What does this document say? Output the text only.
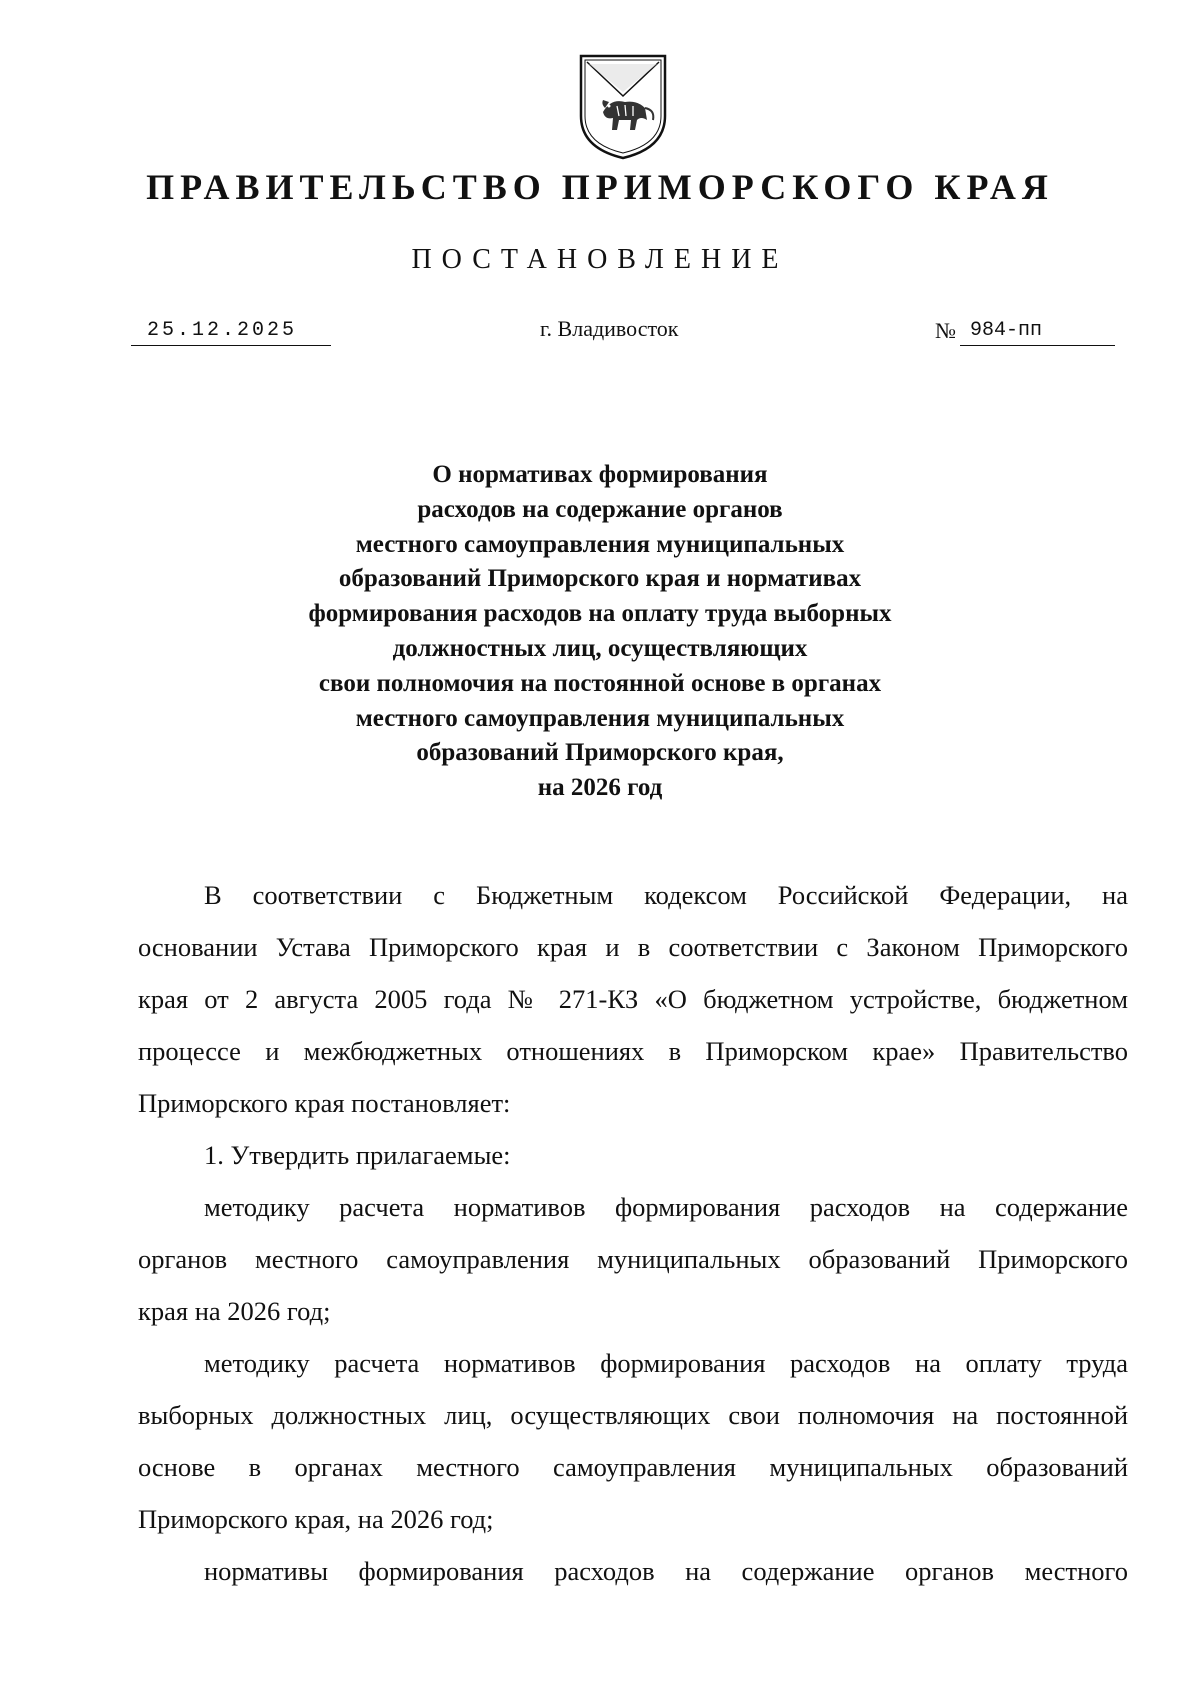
ПРАВИТЕЛЬСТВО ПРИМОРСКОГО КРАЯ
ПОСТАНОВЛЕНИЕ
25.12.2025	г. Владивосток	№ 984-пп
О нормативах формирования
расходов на содержание органов
местного самоуправления муниципальных
образований Приморского края и нормативах
формирования расходов на оплату труда выборных
должностных лиц, осуществляющих
свои полномочия на постоянной основе в органах
местного самоуправления муниципальных
образований Приморского края,
на 2026 год
В соответствии с Бюджетным кодексом Российской Федерации, на
основании Устава Приморского края и в соответствии с Законом Приморского
края от 2 августа 2005 года № 271-КЗ «О бюджетном устройстве, бюджетном
процессе и межбюджетных отношениях в Приморском крае» Правительство
Приморского края постановляет:
1. Утвердить прилагаемые:
методику расчета нормативов формирования расходов на содержание
органов местного самоуправления муниципальных образований Приморского
края на 2026 год;
методику расчета нормативов формирования расходов на оплату труда
выборных должностных лиц, осуществляющих свои полномочия на постоянной
основе в органах местного самоуправления муниципальных образований
Приморского края, на 2026 год;
нормативы формирования расходов на содержание органов местного
